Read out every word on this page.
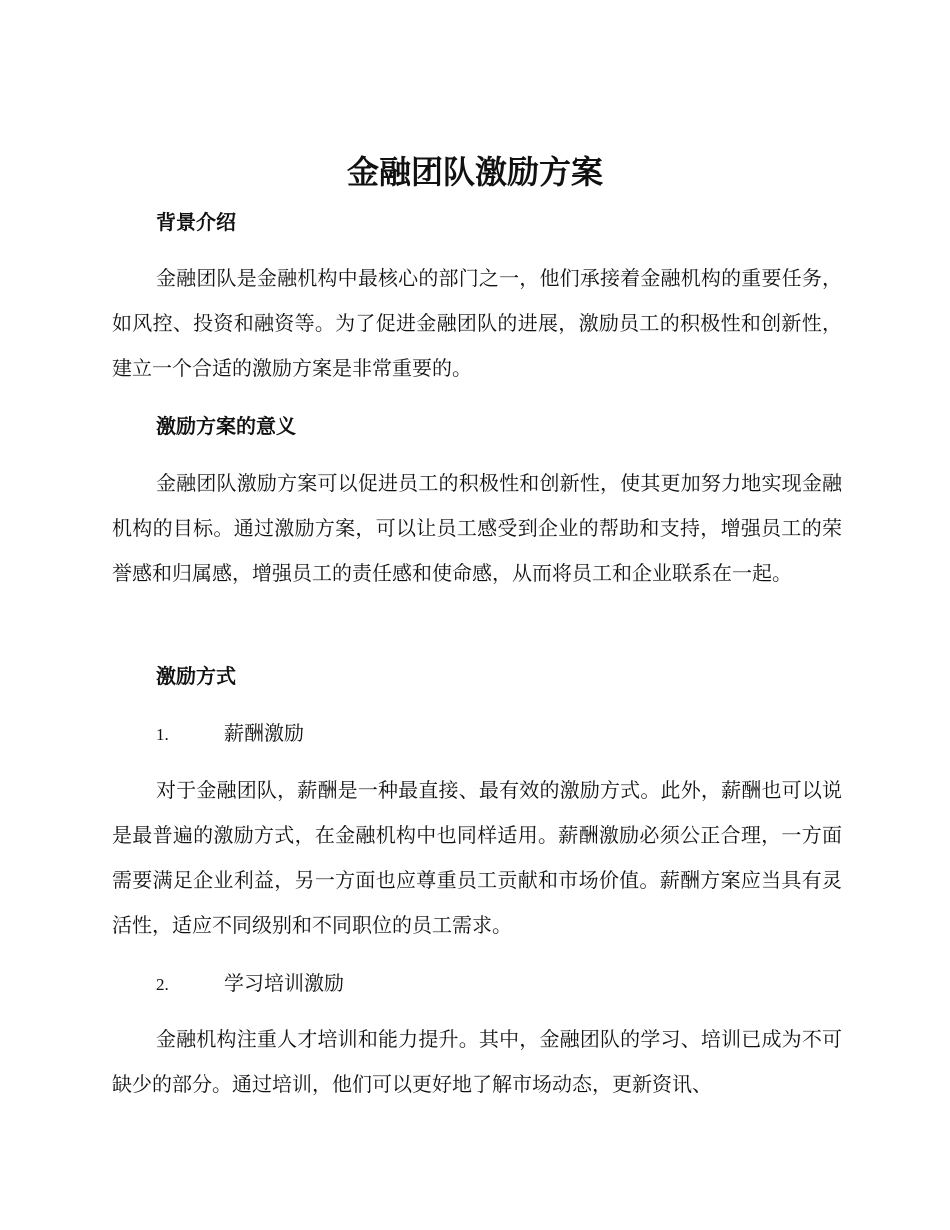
金融团队激励方案
背景介绍

金融团队是金融机构中最核心的部门之一，他们承接着金融机构的重要任务，如风控、投资和融资等。为了促进金融团队的进展，激励员工的积极性和创新性，建立一个合适的激励方案是非常重要的。

激励方案的意义

金融团队激励方案可以促进员工的积极性和创新性，使其更加努力地实现金融机构的目标。通过激励方案，可以让员工感受到企业的帮助和支持，增强员工的荣誉感和归属感，增强员工的责任感和使命感，从而将员工和企业联系在一起。

激励方式
1.	薪酬激励

对于金融团队，薪酬是一种最直接、最有效的激励方式。此外，薪酬也可以说是最普遍的激励方式，在金融机构中也同样适用。薪酬激励必须公正合理，一方面需要满足企业利益，另一方面也应尊重员工贡献和市场价值。薪酬方案应当具有灵活性，适应不同级别和不同职位的员工需求。

2.	学习培训激励

金融机构注重人才培训和能力提升。其中，金融团队的学习、培训已成为不可缺少的部分。通过培训，他们可以更好地了解市场动态，更新资讯、
